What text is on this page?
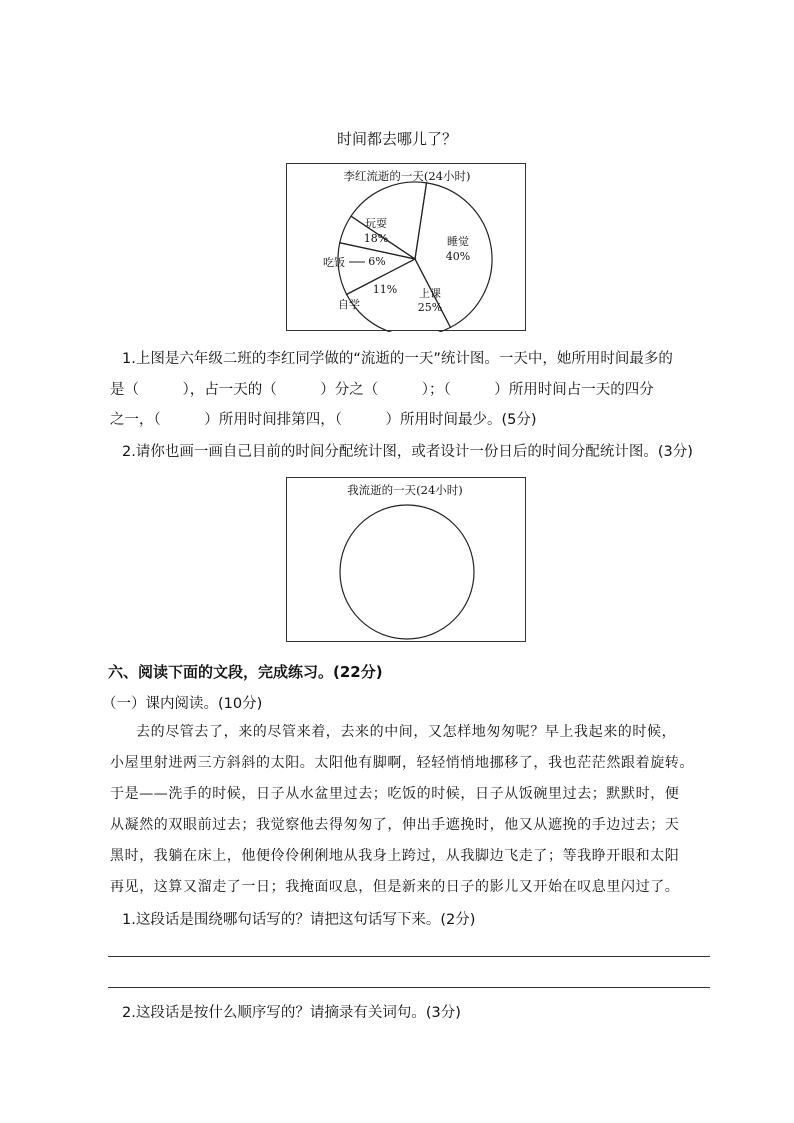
时间都去哪儿了？
李红流逝的一天(24小时)
睡觉
40%
上课
25%
11%
自学
6%
吃饭
玩耍
18%
1.上图是六年级二班的李红同学做的“流逝的一天”统计图。一天中，她所用时间最多的
是（　　　），占一天的（　　　）分之（　　　）；（　　　）所用时间占一天的四分
之一，（　　　）所用时间排第四，（　　　）所用时间最少。(5分)
2.请你也画一画自己目前的时间分配统计图，或者设计一份日后的时间分配统计图。(3分)
我流逝的一天(24小时)
六、阅读下面的文段，完成练习。(22分)
（一）课内阅读。(10分)
去的尽管去了，来的尽管来着，去来的中间，又怎样地匆匆呢？早上我起来的时候，
小屋里射进两三方斜斜的太阳。太阳他有脚啊，轻轻悄悄地挪移了，我也茫茫然跟着旋转。
于是——洗手的时候，日子从水盆里过去；吃饭的时候，日子从饭碗里过去；默默时，便
从凝然的双眼前过去；我觉察他去得匆匆了，伸出手遮挽时，他又从遮挽的手边过去；天
黑时，我躺在床上，他便伶伶俐俐地从我身上跨过，从我脚边飞走了；等我睁开眼和太阳
再见，这算又溜走了一日；我掩面叹息，但是新来的日子的影儿又开始在叹息里闪过了。
1.这段话是围绕哪句话写的？请把这句话写下来。(2分)
2.这段话是按什么顺序写的？请摘录有关词句。(3分)
